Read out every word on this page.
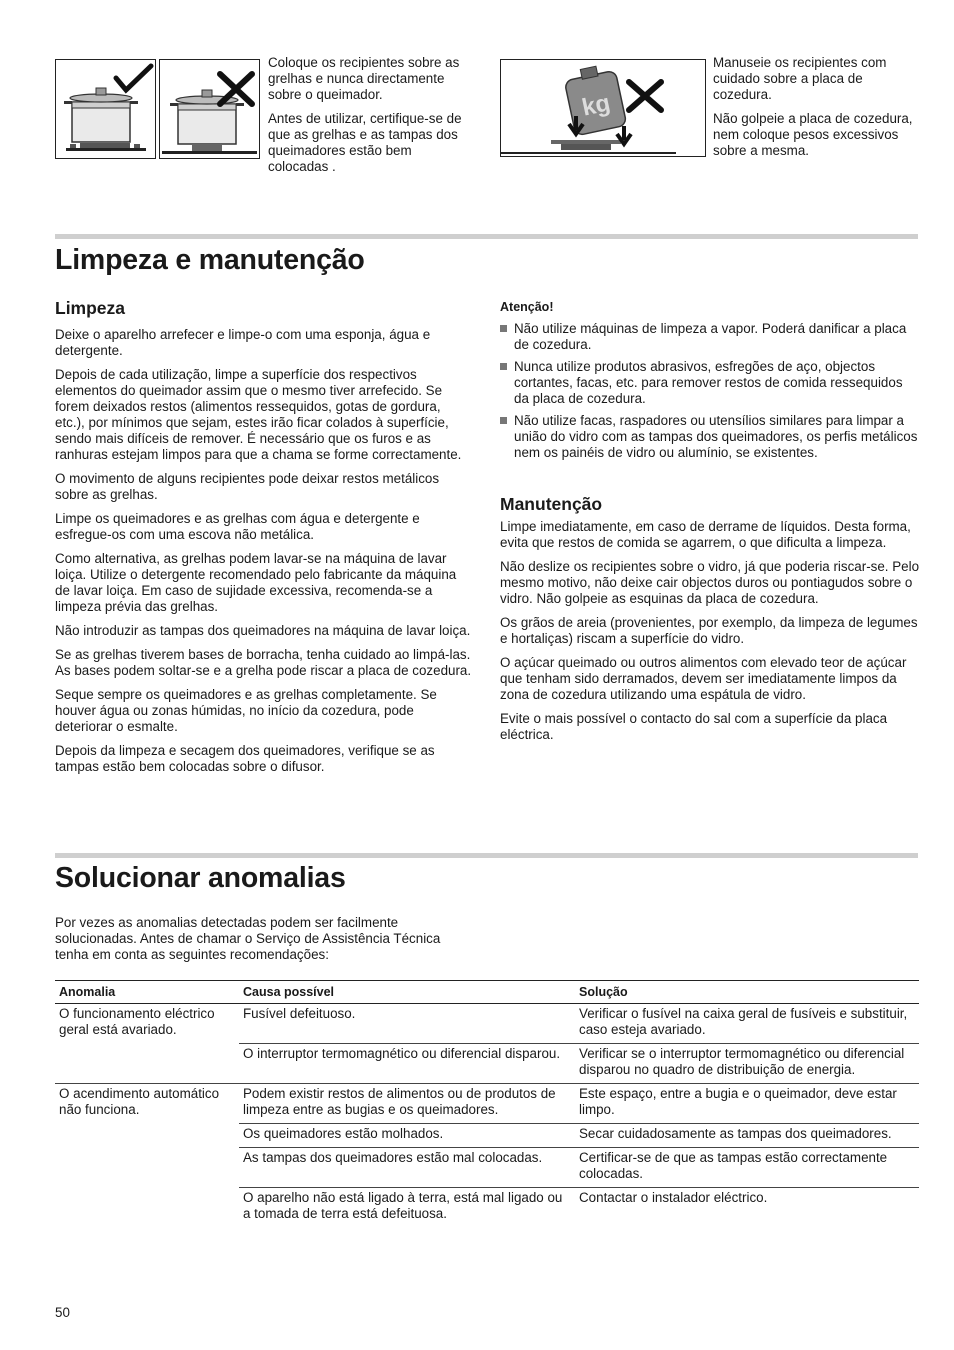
Coloque os recipientes sobre as grelhas e nunca directamente sobre o queimador.

Antes de utilizar, certifique-se de que as grelhas e as tampas dos queimadores estão bem colocadas .

kg

Manuseie os recipientes com cuidado sobre a placa de cozedura.

Não golpeie a placa de cozedura, nem coloque pesos excessivos sobre a mesma.

Limpeza e manutenção
Limpeza

Deixe o aparelho arrefecer e limpe-o com uma esponja, água e detergente.

Depois de cada utilização, limpe a superfície dos respectivos elementos do queimador assim que o mesmo tiver arrefecido. Se forem deixados restos (alimentos ressequidos, gotas de gordura, etc.), por mínimos que sejam, estes irão ficar colados à superfície, sendo mais difíceis de remover. É necessário que os furos e as ranhuras estejam limpos para que a chama se forme correctamente.

O movimento de alguns recipientes pode deixar restos metálicos sobre as grelhas.

Limpe os queimadores e as grelhas com água e detergente e esfregue-os com uma escova não metálica.

Como alternativa, as grelhas podem lavar-se na máquina de lavar loiça. Utilize o detergente recomendado pelo fabricante da máquina de lavar loiça. Em caso de sujidade excessiva, recomenda-se a limpeza prévia das grelhas.

Não introduzir as tampas dos queimadores na máquina de lavar loiça.

Se as grelhas tiverem bases de borracha, tenha cuidado ao limpá-las. As bases podem soltar-se e a grelha pode riscar a placa de cozedura.

Seque sempre os queimadores e as grelhas completamente. Se houver água ou zonas húmidas, no início da cozedura, pode deteriorar o esmalte.

Depois da limpeza e secagem dos queimadores, verifique se as tampas estão bem colocadas sobre o difusor.

Atenção!
Não utilize máquinas de limpeza a vapor. Poderá danificar a placa de cozedura.
Nunca utilize produtos abrasivos, esfregões de aço, objectos cortantes, facas, etc. para remover restos de comida ressequidos da placa de cozedura.
Não utilize facas, raspadores ou utensílios similares para limpar a união do vidro com as tampas dos queimadores, os perfis metálicos nem os painéis de vidro ou alumínio, se existentes.
Manutenção

Limpe imediatamente, em caso de derrame de líquidos. Desta forma, evita que restos de comida se agarrem, o que dificulta a limpeza.

Não deslize os recipientes sobre o vidro, já que poderia riscar-se. Pelo mesmo motivo, não deixe cair objectos duros ou pontiagudos sobre o vidro. Não golpeie as esquinas da placa de cozedura.

Os grãos de areia (provenientes, por exemplo, da limpeza de legumes e hortaliças) riscam a superfície do vidro.

O açúcar queimado ou outros alimentos com elevado teor de açúcar que tenham sido derramados, devem ser imediatamente limpos da zona de cozedura utilizando uma espátula de vidro.

Evite o mais possível o contacto do sal com a superfície da placa eléctrica.

Solucionar anomalias
Por vezes as anomalias detectadas podem ser facilmente solucionadas. Antes de chamar o Serviço de Assistência Técnica tenha em conta as seguintes recomendações:
Anomalia	Causa possível	Solução
O funcionamento eléctrico geral está avariado.	Fusível defeituoso.	Verificar o fusível na caixa geral de fusíveis e substituir, caso esteja avariado.
	O interruptor termomagnético ou diferencial disparou.	Verificar se o interruptor termomagnético ou diferencial disparou no quadro de distribuição de energia.
O acendimento automático não funciona.	Podem existir restos de alimentos ou de produtos de limpeza entre as bugias e os queimadores.	Este espaço, entre a bugia e o queimador, deve estar limpo.
	Os queimadores estão molhados.	Secar cuidadosamente as tampas dos queimadores.
	As tampas dos queimadores estão mal colocadas.	Certificar-se de que as tampas estão correctamente colocadas.
	O aparelho não está ligado à terra, está mal ligado ou a tomada de terra está defeituosa.	Contactar o instalador eléctrico.
50
